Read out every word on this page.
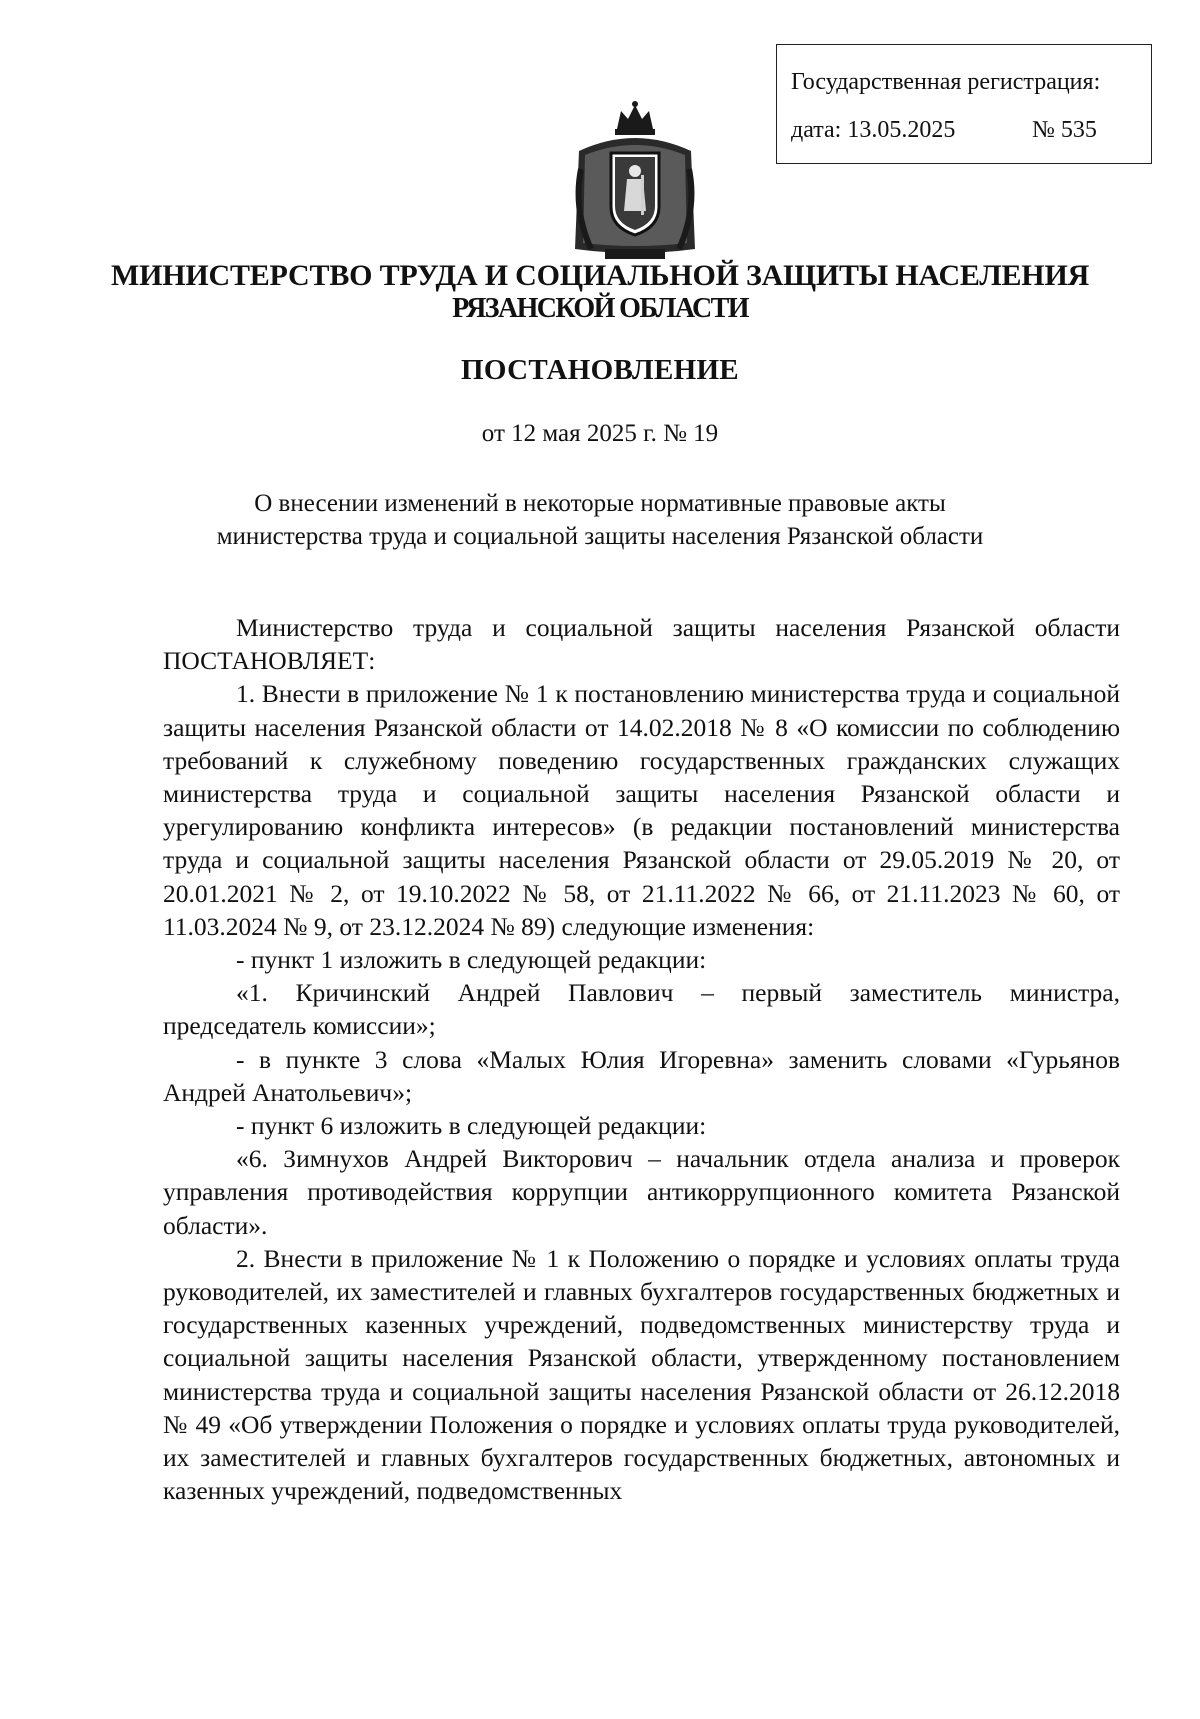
Государственная регистрация:
дата: 13.05.2025	№ 535
МИНИСТЕРСТВО ТРУДА И СОЦИАЛЬНОЙ ЗАЩИТЫ НАСЕЛЕНИЯ
РЯЗАНСКОЙ ОБЛАСТИ
ПОСТАНОВЛЕНИЕ
от 12 мая 2025 г. № 19
О внесении изменений в некоторые нормативные правовые акты
министерства труда и социальной защиты населения Рязанской области

Министерство труда и социальной защиты населения Рязанской области ПОСТАНОВЛЯЕТ:

1. Внести в приложение № 1 к постановлению министерства труда и социальной защиты населения Рязанской области от 14.02.2018 № 8 «О комиссии по соблюдению требований к служебному поведению государственных гражданских служащих министерства труда и социальной защиты населения Рязанской области и урегулированию конфликта интересов» (в редакции постановлений министерства труда и социальной защиты населения Рязанской области от 29.05.2019 № 20, от 20.01.2021 № 2, от 19.10.2022 № 58, от 21.11.2022 № 66, от 21.11.2023 № 60, от 11.03.2024 № 9, от 23.12.2024 № 89) следующие изменения:

- пункт 1 изложить в следующей редакции:

«1. Кричинский Андрей Павлович – первый заместитель министра, председатель комиссии»;

- в пункте 3 слова «Малых Юлия Игоревна» заменить словами «Гурьянов Андрей Анатольевич»;

- пункт 6 изложить в следующей редакции:

«6. Зимнухов Андрей Викторович – начальник отдела анализа и проверок управления противодействия коррупции антикоррупционного комитета Рязанской области».

2. Внести в приложение № 1 к Положению о порядке и условиях оплаты труда руководителей, их заместителей и главных бухгалтеров государственных бюджетных и государственных казенных учреждений, подведомственных министерству труда и социальной защиты населения Рязанской области, утвержденному постановлением министерства труда и социальной защиты населения Рязанской области от 26.12.2018 № 49 «Об утверждении Положения о порядке и условиях оплаты труда руководителей, их заместителей и главных бухгалтеров государственных бюджетных, автономных и казенных учреждений, подведомственных
